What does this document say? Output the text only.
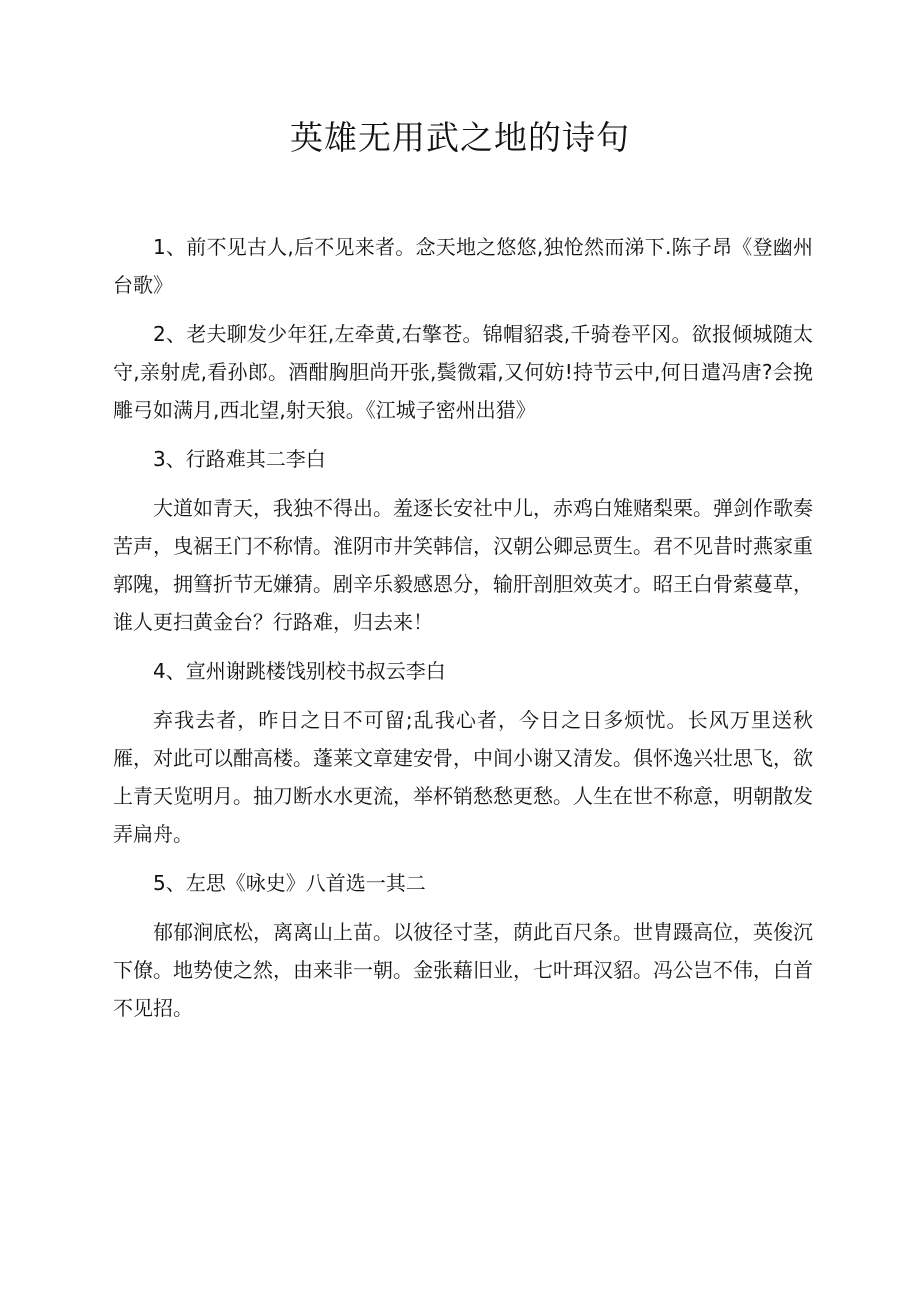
英雄无用武之地的诗句

1、前不见古人,后不见来者。念天地之悠悠,独怆然而涕下.陈子昂《登幽州台歌》

2、老夫聊发少年狂,左牵黄,右擎苍。锦帽貂裘,千骑卷平冈。欲报倾城随太守,亲射虎,看孙郎。酒酣胸胆尚开张,鬓微霜,又何妨!持节云中,何日遣冯唐?会挽雕弓如满月,西北望,射天狼。《江城子密州出猎》

3、行路难其二李白

大道如青天，我独不得出。羞逐长安社中儿，赤鸡白雉赌梨栗。弹剑作歌奏苦声，曳裾王门不称情。淮阴市井笑韩信，汉朝公卿忌贾生。君不见昔时燕家重郭隗，拥篲折节无嫌猜。剧辛乐毅感恩分，输肝剖胆效英才。昭王白骨萦蔓草，谁人更扫黄金台？行路难，归去来！

4、宣州谢跳楼饯别校书叔云李白

弃我去者，昨日之日不可留;乱我心者，今日之日多烦忧。长风万里送秋雁，对此可以酣高楼。蓬莱文章建安骨，中间小谢又清发。俱怀逸兴壮思飞，欲上青天览明月。抽刀断水水更流，举杯销愁愁更愁。人生在世不称意，明朝散发弄扁舟。

5、左思《咏史》八首选一其二

郁郁涧底松，离离山上苗。以彼径寸茎，荫此百尺条。世胄蹑高位，英俊沉下僚。地势使之然，由来非一朝。金张藉旧业，七叶珥汉貂。冯公岂不伟，白首不见招。
